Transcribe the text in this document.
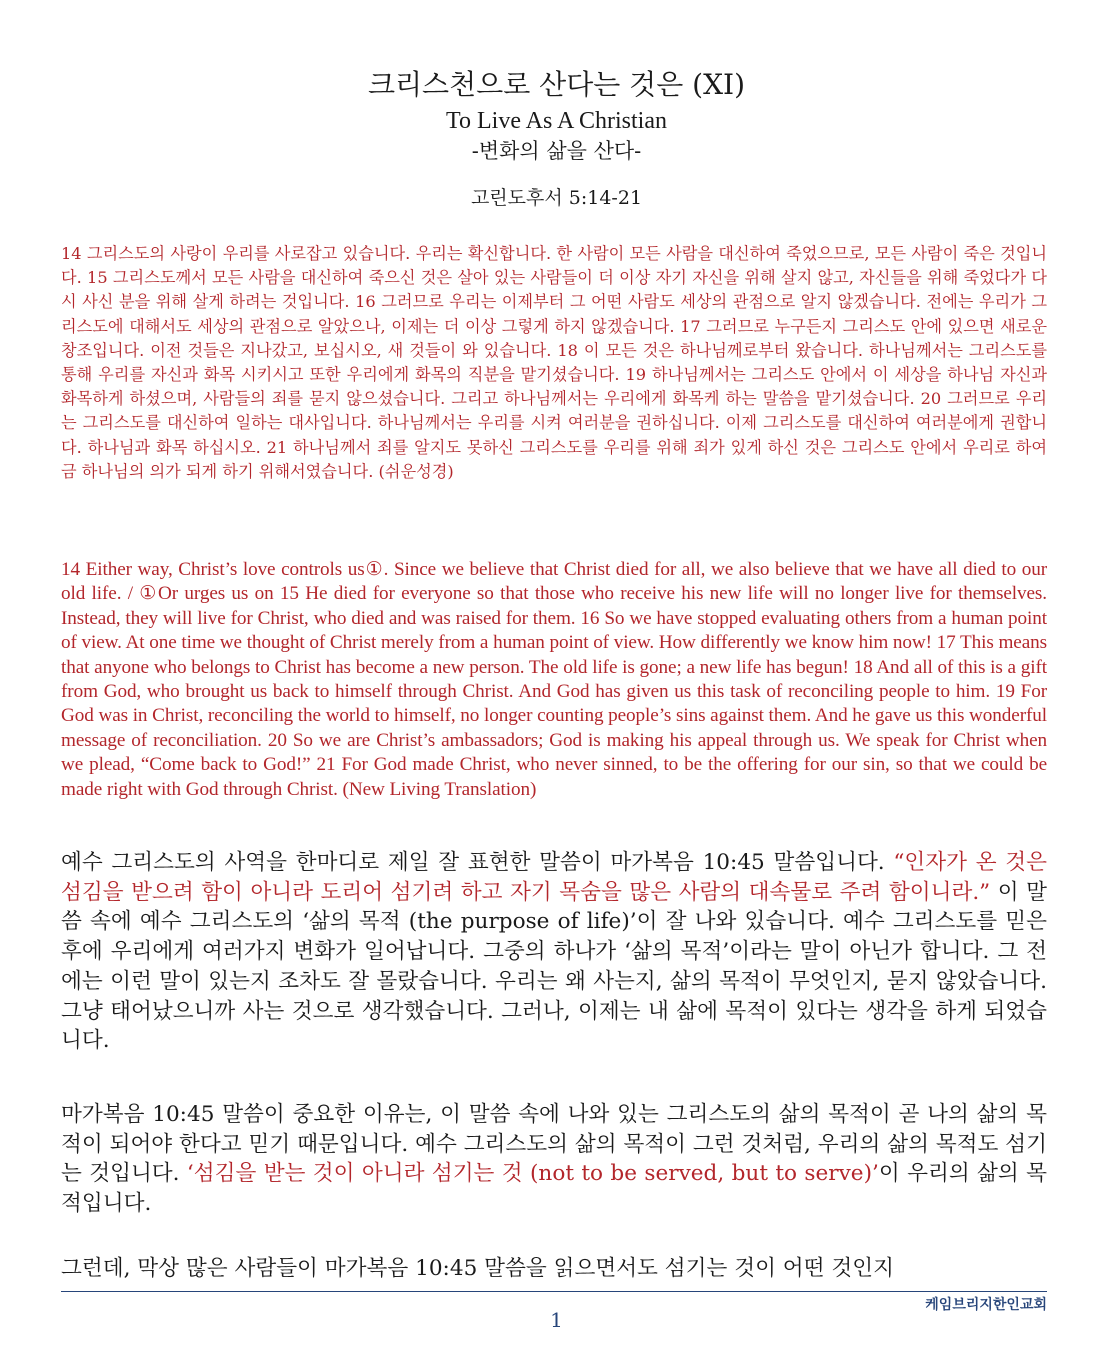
크리스천으로 산다는 것은 (XI)
To Live As A Christian
-변화의 삶을 산다-
고린도후서 5:14-21
14 그리스도의 사랑이 우리를 사로잡고 있습니다. 우리는 확신합니다. 한 사람이 모든 사람을 대신하여 죽었으므로, 모든 사람이 죽은 것입니다. 15 그리스도께서 모든 사람을 대신하여 죽으신 것은 살아 있는 사람들이 더 이상 자기 자신을 위해 살지 않고, 자신들을 위해 죽었다가 다시 사신 분을 위해 살게 하려는 것입니다. 16 그러므로 우리는 이제부터 그 어떤 사람도 세상의 관점으로 알지 않겠습니다. 전에는 우리가 그리스도에 대해서도 세상의 관점으로 알았으나, 이제는 더 이상 그렇게 하지 않겠습니다. 17 그러므로 누구든지 그리스도 안에 있으면 새로운 창조입니다. 이전 것들은 지나갔고, 보십시오, 새 것들이 와 있습니다. 18 이 모든 것은 하나님께로부터 왔습니다. 하나님께서는 그리스도를 통해 우리를 자신과 화목 시키시고 또한 우리에게 화목의 직분을 맡기셨습니다. 19 하나님께서는 그리스도 안에서 이 세상을 하나님 자신과 화목하게 하셨으며, 사람들의 죄를 묻지 않으셨습니다. 그리고 하나님께서는 우리에게 화목케 하는 말씀을 맡기셨습니다. 20 그러므로 우리는 그리스도를 대신하여 일하는 대사입니다. 하나님께서는 우리를 시켜 여러분을 권하십니다. 이제 그리스도를 대신하여 여러분에게 권합니다. 하나님과 화목 하십시오. 21 하나님께서 죄를 알지도 못하신 그리스도를 우리를 위해 죄가 있게 하신 것은 그리스도 안에서 우리로 하여금 하나님의 의가 되게 하기 위해서였습니다. (쉬운성경)
14 Either way, Christ’s love controls us①. Since we believe that Christ died for all, we also believe that we have all died to our old life. / ①Or urges us on 15 He died for everyone so that those who receive his new life will no longer live for themselves. Instead, they will live for Christ, who died and was raised for them. 16 So we have stopped evaluating others from a human point of view. At one time we thought of Christ merely from a human point of view. How differently we know him now! 17 This means that anyone who belongs to Christ has become a new person. The old life is gone; a new life has begun! 18 And all of this is a gift from God, who brought us back to himself through Christ. And God has given us this task of reconciling people to him. 19 For God was in Christ, reconciling the world to himself, no longer counting people’s sins against them. And he gave us this wonderful message of reconciliation. 20 So we are Christ’s ambassadors; God is making his appeal through us. We speak for Christ when we plead, “Come back to God!” 21 For God made Christ, who never sinned, to be the offering for our sin, so that we could be made right with God through Christ. (New Living Translation)
예수 그리스도의 사역을 한마디로 제일 잘 표현한 말씀이 마가복음 10:45 말씀입니다. “인자가 온 것은 섬김을 받으려 함이 아니라 도리어 섬기려 하고 자기 목숨을 많은 사람의 대속물로 주려 함이니라.” 이 말씀 속에 예수 그리스도의 ‘삶의 목적 (the purpose of life)’이 잘 나와 있습니다. 예수 그리스도를 믿은 후에 우리에게 여러가지 변화가 일어납니다. 그중의 하나가 ‘삶의 목적’이라는 말이 아닌가 합니다. 그 전에는 이런 말이 있는지 조차도 잘 몰랐습니다. 우리는 왜 사는지, 삶의 목적이 무엇인지, 묻지 않았습니다. 그냥 태어났으니까 사는 것으로 생각했습니다. 그러나, 이제는 내 삶에 목적이 있다는 생각을 하게 되었습니다.
마가복음 10:45 말씀이 중요한 이유는, 이 말씀 속에 나와 있는 그리스도의 삶의 목적이 곧 나의 삶의 목적이 되어야 한다고 믿기 때문입니다. 예수 그리스도의 삶의 목적이 그런 것처럼, 우리의 삶의 목적도 섬기는 것입니다. ‘섬김을 받는 것이 아니라 섬기는 것 (not to be served, but to serve)’이 우리의 삶의 목적입니다.
그런데, 막상 많은 사람들이 마가복음 10:45 말씀을 읽으면서도 섬기는 것이 어떤 것인지
케임브리지한인교회
1
